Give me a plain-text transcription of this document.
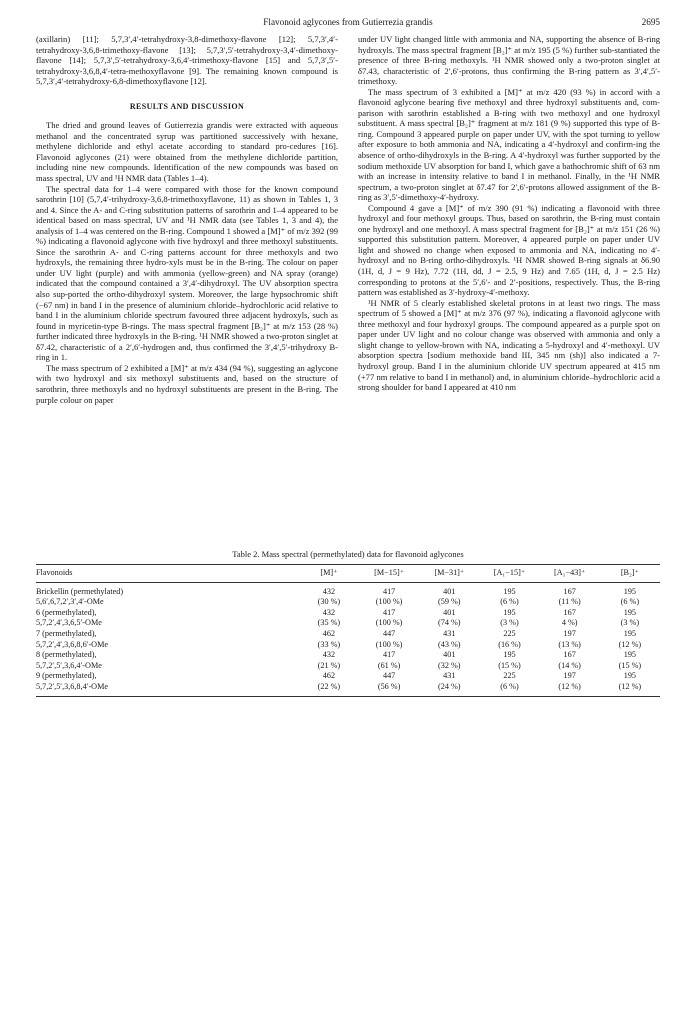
Flavonoid aglycones from Gutierrezia grandis	2695

(axillarin) [11]; 5,7,3′,4′-tetrahydroxy-3,8-dimethoxy-flavone [12]; 5,7,3′,4′-tetrahydroxy-3,6,8-trimethoxy-flavone [13]; 5,7,3′,5′-tetrahydroxy-3,4′-dimethoxy-flavone [14]; 5,7,3′,5′-tetrahydroxy-3,6,4′-trimethoxy-flavone [15] and 5,7,3′,5′-tetrahydroxy-3,6,8,4′-tetra-methoxyflavone [9]. The remaining known compound is 5,7,3′,4′-tetrahydroxy-6,8-dimethoxyflavone [12].

RESULTS AND DISCUSSION

The dried and ground leaves of Gutierrezia grandis were extracted with aqueous methanol and the concentrated syrup was partitioned successively with hexane, methylene dichloride and ethyl acetate according to standard pro-cedures [16]. Flavonoid aglycones (21) were obtained from the methylene dichloride partition, including nine new compounds. Identification of the new compounds was based on mass spectral, UV and ¹H NMR data (Tables 1–4).

The spectral data for 1–4 were compared with those for the known compound sarothrin [10] (5,7,4′-trihydroxy-3,6,8-trimethoxyflavone, 11) as shown in Tables 1, 3 and 4. Since the A- and C-ring substitution patterns of sarothrin and 1–4 appeared to be identical based on mass spectral, UV and ¹H NMR data (see Tables 1, 3 and 4), the analysis of 1–4 was centered on the B-ring. Compound 1 showed a [M]⁺ of m/z 392 (99 %) indicating a flavonoid aglycone with five hydroxyl and three methoxyl substituents. Since the sarothrin A- and C-ring patterns account for three methoxyls and two hydroxyls, the remaining three hydro-xyls must be in the B-ring. The colour on paper under UV light (purple) and with ammonia (yellow-green) and NA spray (orange) indicated that the compound contained a 3′,4′-dihydroxyl. The UV absorption spectra also sup-ported the ortho-dihydroxyl system. Moreover, the large hypsochromic shift (−67 nm) in band I in the presence of aluminium chloride–hydrochloric acid relative to band I in the aluminium chloride spectrum favoured three adjacent hydroxyls, such as found in myricetin-type B-rings. The mass spectral fragment [B₂]⁺ at m/z 153 (28 %) further indicated three hydroxyls in the B-ring. ¹H NMR showed a two-proton singlet at δ7.42, characteristic of a 2′,6′-hydrogen and, thus confirmed the 3′,4′,5′-trihydroxy B-ring in 1.

The mass spectrum of 2 exhibited a [M]⁺ at m/z 434 (94 %), suggesting an aglycone with two hydroxyl and six methoxyl substituents and, based on the structure of sarothrin, three methoxyls and no hydroxyl substituents are present in the B-ring. The purple colour on paper

under UV light changed little with ammonia and NA, supporting the absence of B-ring hydroxyls. The mass spectral fragment [B₂]⁺ at m/z 195 (5 %) further sub-stantiated the presence of three B-ring methoxyls. ¹H NMR showed only a two-proton singlet at δ7.43, characteristic of 2′,6′-protons, thus confirming the B-ring pattern as 3′,4′,5′-trimethoxy.

The mass spectrum of 3 exhibited a [M]⁺ at m/z 420 (93 %) in accord with a flavonoid aglycone bearing five methoxyl and three hydroxyl substituents and, com-parison with sarothrin established a B-ring with two methoxyl and one hydroxyl substituent. A mass spectral [B₂]⁺ fragment at m/z 181 (9 %) supported this type of B-ring. Compound 3 appeared purple on paper under UV, with the spot turning to yellow after exposure to both ammonia and NA, indicating a 4′-hydroxyl and confirm-ing the absence of ortho-dihydroxyls in the B-ring. A 4′-hydroxyl was further supported by the sodium methoxide UV absorption for band I, which gave a bathochromic shift of 63 nm with an increase in intensity relative to band I in methanol. Finally, in the ¹H NMR spectrum, a two-proton singlet at δ7.47 for 2′,6′-protons allowed assignment of the B-ring as 3′,5′-dimethoxy-4′-hydroxy.

Compound 4 gave a [M]⁺ of m/z 390 (91 %) indicating a flavonoid with three hydroxyl and four methoxyl groups. Thus, based on sarothrin, the B-ring must contain one hydroxyl and one methoxyl. A mass spectral fragment for [B₂]⁺ at m/z 151 (26 %) supported this substitution pattern. Moreover, 4 appeared purple on paper under UV light and showed no change when exposed to ammonia and NA, indicating no 4′-hydroxyl and no B-ring ortho-dihydroxyls. ¹H NMR showed B-ring signals at δ6.90 (1H, d, J = 9 Hz), 7.72 (1H, dd, J = 2.5, 9 Hz) and 7.65 (1H, d, J = 2.5 Hz) corresponding to protons at the 5′,6′- and 2′-positions, respectively. Thus, the B-ring pattern was established as 3′-hydroxy-4′-methoxy.

¹H NMR of 5 clearly established skeletal protons in at least two rings. The mass spectrum of 5 showed a [M]⁺ at m/z 376 (97 %), indicating a flavonoid aglycone with three methoxyl and four hydroxyl groups. The compound appeared as a purple spot on paper under UV light and no colour change was observed with ammonia and only a slight change to yellow-brown with NA, indicating a 5-hydroxyl and 4′-methoxyl. UV absorption spectra [sodium methoxide band III, 345 nm (sh)] also indicated a 7-hydroxyl group. Band I in the aluminium chloride UV spectrum appeared at 415 nm (+77 nm relative to band I in methanol) and, in aluminium chloride–hydrochloric acid a strong shoulder for band I appeared at 410 nm

Table 2. Mass spectral (permethylated) data for flavonoid aglycones
Flavonoids	[M]⁺	[M−15]⁺	[M−31]⁺	[A₁−15]⁺	[A₁−43]⁺	[B₂]⁺
Brickellin (permethylated)	432	417	401	195	167	195
5,6′,6,7,2′,3′,4′-OMe	(30 %)	(100 %)	(59 %)	(6 %)	(11 %)	(6 %)
6 (permethylated),	432	417	401	195	167	195
5,7,2′,4′,3,6,5′-OMe	(35 %)	(100 %)	(74 %)	(3 %)	4 %)	(3 %)
7 (permethylated),	462	447	431	225	197	195
5,7,2′,4′,3,6,8,6′-OMe	(33 %)	(100 %)	(43 %)	(16 %)	(13 %)	(12 %)
8 (permethylated),	432	417	401	195	167	195
5,7,2′,5′,3,6,4′-OMe	(21 %)	(61 %)	(32 %)	(15 %)	(14 %)	(15 %)
9 (permethylated),	462	447	431	225	197	195
5,7,2′,5′,3,6,8,4′-OMe	(22 %)	(56 %)	(24 %)	(6 %)	(12 %)	(12 %)
